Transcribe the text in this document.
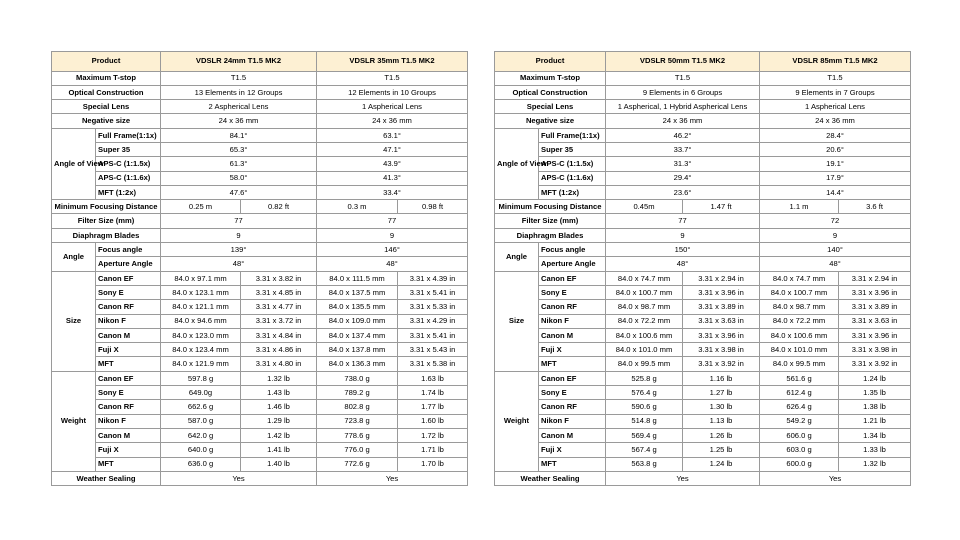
Product		VDSLR 24mm T1.5 MK2		VDSLR 35mm T1.5 MK2	
Maximum T-stop		T1.5		T1.5	
Optical Construction		13 Elements in 12 Groups		12 Elements in 10 Groups	
Special Lens		2 Aspherical Lens		1 Aspherical Lens	
Negative size		24 x 36 mm		24 x 36 mm	
Angle of View	Full Frame(1:1x)	84.1°		63.1°	
	Super 35	65.3°		47.1°	
	APS-C (1:1.5x)	61.3°		43.9°	
	APS-C (1:1.6x)	58.0°		41.3°	
	MFT (1:2x)	47.6°		33.4°	
Minimum Focusing Distance		0.25 m	0.82 ft	0.3 m	0.98 ft
Filter Size (mm)		77		77	
Diaphragm Blades		9		9	
Angle	Focus angle	139°		146°	
	Aperture Angle	48°		48°	
Size	Canon EF	84.0 x 97.1 mm	3.31 x 3.82 in	84.0 x 111.5 mm	3.31 x 4.39 in
	Sony E	84.0 x 123.1 mm	3.31 x 4.85 in	84.0 x 137.5 mm	3.31 x 5.41 in
	Canon RF	84.0 x 121.1 mm	3.31 x 4.77 in	84.0 x 135.5 mm	3.31 x 5.33 in
	Nikon F	84.0 x 94.6 mm	3.31 x 3.72 in	84.0 x 109.0 mm	3.31 x 4.29 in
	Canon M	84.0 x 123.0 mm	3.31 x 4.84 in	84.0 x 137.4 mm	3.31 x 5.41 in
	Fuji X	84.0 x 123.4 mm	3.31 x 4.86 in	84.0 x 137.8 mm	3.31 x 5.43 in
	MFT	84.0 x 121.9 mm	3.31 x 4.80 in	84.0 x 136.3 mm	3.31 x 5.38 in
Weight	Canon EF	597.8 g	1.32 lb	738.0 g	1.63 lb
	Sony E	649.0g	1.43 lb	789.2 g	1.74 lb
	Canon RF	662.6 g	1.46 lb	802.8 g	1.77 lb
	Nikon F	587.0 g	1.29 lb	723.8 g	1.60 lb
	Canon M	642.0 g	1.42 lb	778.6 g	1.72 lb
	Fuji X	640.0 g	1.41 lb	776.0 g	1.71 lb
	MFT	636.0 g	1.40 lb	772.6 g	1.70 lb
Weather Sealing		Yes		Yes	
Product		VDSLR 50mm T1.5 MK2		VDSLR 85mm T1.5 MK2	
Maximum T-stop		T1.5		T1.5	
Optical Construction		9 Elements in 6 Groups		9 Elements in 7 Groups	
Special Lens		1 Aspherical, 1 Hybrid Aspherical Lens		1 Aspherical Lens	
Negative size		24 x 36 mm		24 x 36 mm	
Angle of View	Full Frame(1:1x)	46.2°		28.4°	
	Super 35	33.7°		20.6°	
	APS-C (1:1.5x)	31.3°		19.1°	
	APS-C (1:1.6x)	29.4°		17.9°	
	MFT (1:2x)	23.6°		14.4°	
Minimum Focusing Distance		0.45m	1.47 ft	1.1 m	3.6 ft
Filter Size (mm)		77		72	
Diaphragm Blades		9		9	
Angle	Focus angle	150°		140°	
	Aperture Angle	48°		48°	
Size	Canon EF	84.0 x 74.7 mm	3.31 x 2.94 in	84.0 x 74.7 mm	3.31 x 2.94 in
	Sony E	84.0 x 100.7 mm	3.31 x 3.96 in	84.0 x 100.7 mm	3.31 x 3.96 in
	Canon RF	84.0 x 98.7 mm	3.31 x 3.89 in	84.0 x 98.7 mm	3.31 x 3.89 in
	Nikon F	84.0 x 72.2 mm	3.31 x 3.63 in	84.0 x 72.2 mm	3.31 x 3.63 in
	Canon M	84.0 x 100.6 mm	3.31 x 3.96 in	84.0 x 100.6 mm	3.31 x 3.96 in
	Fuji X	84.0 x 101.0 mm	3.31 x 3.98 in	84.0 x 101.0 mm	3.31 x 3.98 in
	MFT	84.0 x 99.5 mm	3.31 x 3.92 in	84.0 x 99.5 mm	3.31 x 3.92 in
Weight	Canon EF	525.8 g	1.16 lb	561.6 g	1.24 lb
	Sony E	576.4 g	1.27 lb	612.4 g	1.35 lb
	Canon RF	590.6 g	1.30 lb	626.4 g	1.38 lb
	Nikon F	514.8 g	1.13 lb	549.2 g	1.21 lb
	Canon M	569.4 g	1.26 lb	606.0 g	1.34 lb
	Fuji X	567.4 g	1.25 lb	603.0 g	1.33 lb
	MFT	563.8 g	1.24 lb	600.0 g	1.32 lb
Weather Sealing		Yes		Yes	
